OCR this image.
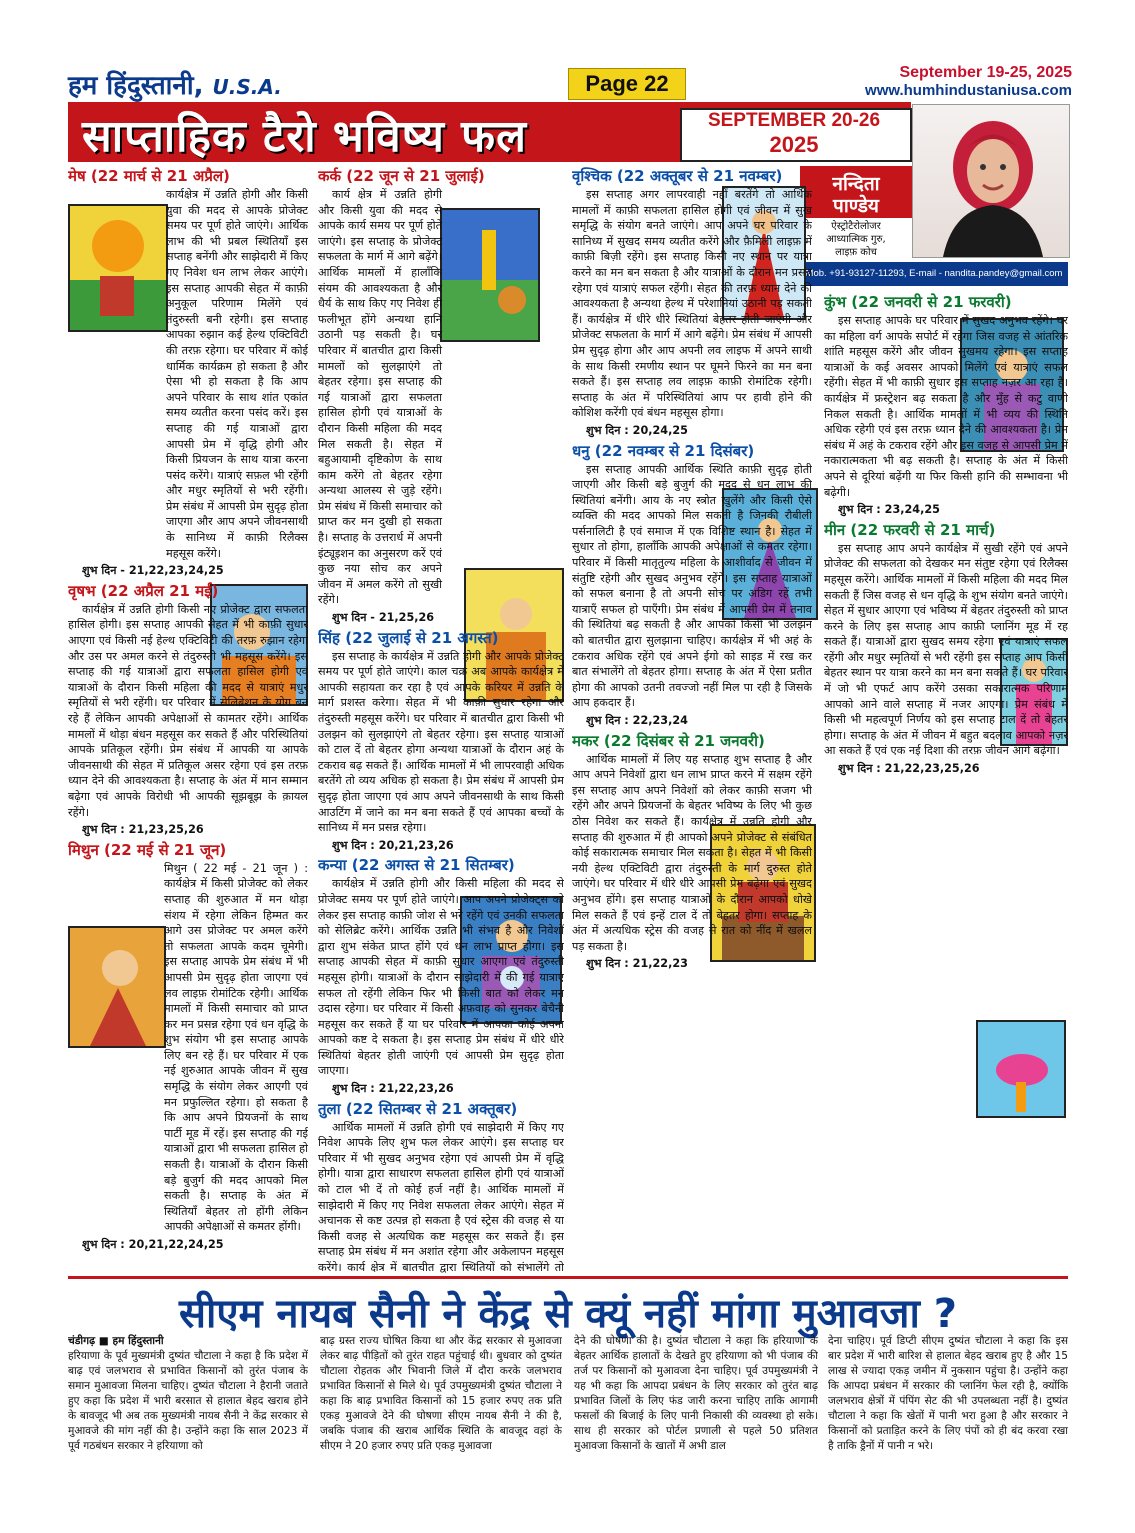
हम हिंदुस्तानी, U.S.A.	Page 22	September 19-25, 2025
www.humhindustaniusa.com
साप्ताहिक टैरो भविष्य फल	SEPTEMBER 20-26
2025
नन्दिता
पाण्डेय
ऐस्ट्रोटैरोलोजर
आध्यात्मिक गुरु,
लाइफ़ कोच
Mob. +91-93127-11293, E-mail - nandita.pandey@gmail.com
मेष (22 मार्च से 21 अप्रैल)

कार्यक्षेत्र में उन्नति होगी और किसी युवा की मदद से आपके प्रोजेक्ट समय पर पूर्ण होते जाएंगे। आर्थिक लाभ की भी प्रबल स्थितियाँ इस सप्ताह बनेंगी और साझेदारी में किए गए निवेश धन लाभ लेकर आएंगे। इस सप्ताह आपकी सेहत में काफ़ी अनुकूल परिणाम मिलेंगे एवं तंदुरुस्ती बनी रहेगी। इस सप्ताह आपका रुझान कई हेल्थ एक्टिविटी की तरफ़ रहेगा। घर परिवार में कोई धार्मिक कार्यक्रम हो सकता है और ऐसा भी हो सकता है कि आप अपने परिवार के साथ शांत एकांत समय व्यतीत करना पसंद करें। इस सप्ताह की गई यात्राओं द्वारा आपसी प्रेम में वृद्धि होगी और किसी प्रियजन के साथ यात्रा करना पसंद करेंगे। यात्राएं सफ़ल भी रहेंगी और मधुर स्मृतियों से भरी रहेंगी। प्रेम संबंध में आपसी प्रेम सुदृढ़ होता जाएगा और आप अपने जीवनसाथी के सानिध्य में काफ़ी रिलैक्स महसूस करेंगे।

शुभ दिन - 21,22,23,24,25

वृषभ (22 अप्रैल 21 मई)

कार्यक्षेत्र में उन्नति होगी किसी नए प्रोजेक्ट द्वारा सफलता हासिल होगी। इस सप्ताह आपकी सेहत में भी काफ़ी सुधार आएगा एवं किसी नई हेल्थ एक्टिविटी की तरफ़ रुझान रहेगा और उस पर अमल करने से तंदुरुस्ती भी महसूस करेंगे। इस सप्ताह की गई यात्राओं द्वारा सफलता हासिल होगी एवं यात्राओं के दौरान किसी महिला की मदद से यात्राएं मधुर स्मृतियों से भरी रहेंगी। घर परिवार में सेलिब्रेशन के योग बन रहे हैं लेकिन आपकी अपेक्षाओं से कामतर रहेंगे। आर्थिक मामलों में थोड़ा बंधन महसूस कर सकते हैं और परिस्थितियां आपके प्रतिकूल रहेंगी। प्रेम संबंध में आपकी या आपके जीवनसाथी की सेहत में प्रतिकूल असर रहेगा एवं इस तरफ़ ध्यान देने की आवश्यकता है। सप्ताह के अंत में मान सम्मान बढ़ेगा एवं आपके विरोधी भी आपकी सूझबूझ के क़ायल रहेंगे।

शुभ दिन : 21,23,25,26

मिथुन (22 मई से 21 जून)

मिथुन ( 22 मई - 21 जून ) : कार्यक्षेत्र में किसी प्रोजेक्ट को लेकर सप्ताह की शुरुआत में मन थोड़ा संशय में रहेगा लेकिन हिम्मत कर आगे उस प्रोजेक्ट पर अमल करेंगे तो सफलता आपके कदम चूमेगी। इस सप्ताह आपके प्रेम संबंध में भी आपसी प्रेम सुदृढ़ होता जाएगा एवं लव लाइफ़ रोमांटिक रहेगी। आर्थिक मामलों में किसी समाचार को प्राप्त कर मन प्रसन्न रहेगा एवं धन वृद्धि के शुभ संयोग भी इस सप्ताह आपके लिए बन रहे हैं। घर परिवार में एक नई शुरुआत आपके जीवन में सुख समृद्धि के संयोग लेकर आएगी एवं मन प्रफुल्लित रहेगा। हो सकता है कि आप अपने प्रियजनों के साथ पार्टी मूड में रहें। इस सप्ताह की गई यात्राओं द्वारा भी सफलता हासिल हो सकती है। यात्राओं के दौरान किसी बड़े बुजुर्ग की मदद आपको मिल सकती है। सप्ताह के अंत में स्थितियाँ बेहतर तो होंगी लेकिन आपकी अपेक्षाओं से कमतर होंगी।

शुभ दिन : 20,21,22,24,25

कर्क (22 जून से 21 जुलाई)

कार्य क्षेत्र में उन्नति होगी और किसी युवा की मदद से आपके कार्य समय पर पूर्ण होते जाएंगे। इस सप्ताह के प्रोजेक्ट सफलता के मार्ग में आगे बढ़ेंगे। आर्थिक मामलों में हालाँकि संयम की आवश्यकता है और धैर्य के साथ किए गए निवेश ही फलीभूत होंगे अन्यथा हानि उठानी पड़ सकती है। घर परिवार में बातचीत द्वारा किसी मामलों को सुलझाएंगे तो बेहतर रहेगा। इस सप्ताह की गई यात्राओं द्वारा सफलता हासिल होगी एवं यात्राओं के दौरान किसी महिला की मदद मिल सकती है। सेहत में बहुआयामी दृष्टिकोण के साथ काम करेंगे तो बेहतर रहेगा अन्यथा आलस्य से जुड़े रहेंगे। प्रेम संबंध में किसी समाचार को प्राप्त कर मन दुखी हो सकता है। सप्ताह के उत्तरार्ध में अपनी इंट्यूइशन का अनुसरण करें एवं कुछ नया सोच कर अपने जीवन में अमल करेंगे तो सुखी रहेंगे।

शुभ दिन - 21,25,26

सिंह (22 जुलाई से 21 अगस्त)

इस सप्ताह के कार्यक्षेत्र में उन्नति होगी और आपके प्रोजेक्ट समय पर पूर्ण होते जाएंगे। काल चक्र अब आपके कार्यक्षेत्र में आपकी सहायता कर रहा है एवं आपके करियर में उन्नति के मार्ग प्रशस्त करेगा। सेहत में भी काफ़ी सुधार रहेगा और तंदुरुस्ती महसूस करेंगे। घर परिवार में बातचीत द्वारा किसी भी उलझन को सुलझाएंगे तो बेहतर रहेगा। इस सप्ताह यात्राओं को टाल दें तो बेहतर होगा अन्यथा यात्राओं के दौरान अहं के टकराव बढ़ सकते हैं। आर्थिक मामलों में भी लापरवाही अधिक बरतेंगे तो व्यय अधिक हो सकता है। प्रेम संबंध में आपसी प्रेम सुदृढ़ होता जाएगा एवं आप अपने जीवनसाथी के साथ किसी आउटिंग में जाने का मन बना सकते हैं एवं आपका बच्चों के सानिध्य में मन प्रसन्न रहेगा।

शुभ दिन : 20,21,23,26

कन्या (22 अगस्त से 21 सितम्बर)

कार्यक्षेत्र में उन्नति होगी और किसी महिला की मदद से प्रोजेक्ट समय पर पूर्ण होते जाएंगे। आप अपने प्रोजेक्ट्स को लेकर इस सप्ताह काफ़ी जोश से भरे रहेंगे एवं उनकी सफलता को सेलिब्रेट करेंगे। आर्थिक उन्नति भी संभव है और निवेशों द्वारा शुभ संकेत प्राप्त होंगे एवं धन लाभ प्राप्त होगा। इस सप्ताह आपकी सेहत में काफ़ी सुधार आएगा एवं तंदुरुस्ती महसूस होगी। यात्राओं के दौरान साझेदारी में की गई यात्राएं सफल तो रहेंगी लेकिन फिर भी किसी बात को लेकर मन उदास रहेगा। घर परिवार में किसी अफ़वाह को सुनकर बेचैनी महसूस कर सकते हैं या घर परिवार में आपका कोई अपना आपको कष्ट दे सकता है। इस सप्ताह प्रेम संबंध में धीरे धीरे स्थितियां बेहतर होती जाएंगी एवं आपसी प्रेम सुदृढ़ होता जाएगा।

शुभ दिन : 21,22,23,26

तुला (22 सितम्बर से 21 अक्तूबर)

आर्थिक मामलों में उन्नति होगी एवं साझेदारी में किए गए निवेश आपके लिए शुभ फल लेकर आएंगे। इस सप्ताह घर परिवार में भी सुखद अनुभव रहेगा एवं आपसी प्रेम में वृद्धि होगी। यात्रा द्वारा साधारण सफलता हासिल होगी एवं यात्राओं को टाल भी दें तो कोई हर्ज नहीं है। आर्थिक मामलों में साझेदारी में किए गए निवेश सफलता लेकर आएंगे। सेहत में अचानक से कष्ट उत्पन्न हो सकता है एवं स्ट्रेस की वजह से या किसी वजह से अत्यधिक कष्ट महसूस कर सकते हैं। इस सप्ताह प्रेम संबंध में मन अशांत रहेगा और अकेलापन महसूस करेंगे। कार्य क्षेत्र में बातचीत द्वारा स्थितियों को संभालेंगे तो

वृश्चिक (22 अक्तूबर से 21 नवम्बर)

इस सप्ताह अगर लापरवाही नहीं बरतेंगे तो आर्थिक मामलों में काफ़ी सफलता हासिल होगी एवं जीवन में सुख समृद्धि के संयोग बनते जाएंगे। आप अपने घर परिवार के सानिध्य में सुखद समय व्यतीत करेंगे और फ़ैमिली लाइफ़ में काफ़ी बिज़ी रहेंगे। इस सप्ताह किसी नए स्थान पर यात्रा करने का मन बन सकता है और यात्राओं के दौरान मन प्रसन्न रहेगा एवं यात्राएं सफल रहेंगी। सेहत की तरफ़ ध्यान देने की आवश्यकता है अन्यथा हेल्थ में परेशानियां उठानी पड़ सकती हैं। कार्यक्षेत्र में धीरे धीरे स्थितियां बेहतर होती जाएंगी और प्रोजेक्ट सफलता के मार्ग में आगे बढ़ेंगे। प्रेम संबंध में आपसी प्रेम सुदृढ़ होगा और आप अपनी लव लाइफ में अपने साथी के साथ किसी रमणीय स्थान पर घूमने फिरने का मन बना सकते हैं। इस सप्ताह लव लाइफ़ काफ़ी रोमांटिक रहेगी। सप्ताह के अंत में परिस्थितियां आप पर हावी होने की कोशिश करेंगी एवं बंधन महसूस होगा।

शुभ दिन : 20,24,25

धनु (22 नवम्बर से 21 दिसंबर)

इस सप्ताह आपकी आर्थिक स्थिति काफ़ी सुदृढ़ होती जाएगी और किसी बड़े बुजुर्ग की मदद से धन लाभ की स्थितियां बनेंगी। आय के नए स्त्रोत खुलेंगे और किसी ऐसे व्यक्ति की मदद आपको मिल सकती है जिनकी रौबीली पर्सनालिटी है एवं समाज में एक विशिष्ट स्थान है। सेहत में सुधार तो होगा, हालाँकि आपकी अपेक्षाओं से कमतर रहेगा। परिवार में किसी मातृतुल्य महिला के आशीर्वाद से जीवन में संतुष्टि रहेगी और सुखद अनुभव रहेंगे। इस सप्ताह यात्राओं को सफल बनाना है तो अपनी सोच पर अडिग रहें तभी यात्राएँ सफल हो पाएँगी। प्रेम संबंध में आपसी प्रेम में तनाव की स्थितियां बढ़ सकती है और आपको किसी भी उलझन को बातचीत द्वारा सुलझाना चाहिए। कार्यक्षेत्र में भी अहं के टकराव अधिक रहेंगे एवं अपने ईगो को साइड में रख कर बात संभालेंगे तो बेहतर होगा। सप्ताह के अंत में ऐसा प्रतीत होगा की आपको उतनी तवज्जो नहीं मिल पा रही है जिसके आप हकदार हैं।

शुभ दिन : 22,23,24

मकर (22 दिसंबर से 21 जनवरी)

आर्थिक मामलों में लिए यह सप्ताह शुभ सप्ताह है और आप अपने निवेशों द्वारा धन लाभ प्राप्त करने में सक्षम रहेंगे इस सप्ताह आप अपने निवेशों को लेकर काफ़ी सजग भी रहेंगे और अपने प्रियजनों के बेहतर भविष्य के लिए भी कुछ ठोस निवेश कर सकते हैं। कार्यक्षेत्र में उन्नति होगी और सप्ताह की शुरुआत में ही आपको अपने प्रोजेक्ट से संबंधित कोई सकारात्मक समाचार मिल सकता है। सेहत में भी किसी नयी हेल्थ एक्टिविटी द्वारा तंदुरुस्ती के मार्ग दुरुस्त होते जाएंगे। घर परिवार में धीरे धीरे आपसी प्रेम बढ़ेगा एवं सुखद अनुभव होंगे। इस सप्ताह यात्राओं के दौरान आपको धोखे मिल सकते हैं एवं इन्हें टाल दें तो बेहतर होगा। सप्ताह के अंत में अत्यधिक स्ट्रेस की वजह से रात को नींद में खलल पड़ सकता है।

शुभ दिन : 21,22,23

कुंभ (22 जनवरी से 21 फरवरी)

इस सप्ताह आपके घर परिवार में सुखद अनुभव रहेंगे। घर का महिला वर्ग आपके सपोर्ट में रहेगा जिस वजह से आंतरिक शांति महसूस करेंगे और जीवन सुखमय रहेगा। इस सप्ताह यात्राओं के कई अवसर आपको मिलेंगे एवं यात्राएं सफल रहेंगी। सेहत में भी काफ़ी सुधार इस सप्ताह नज़र आ रहा है। कार्यक्षेत्र में फ्रस्ट्रेशन बढ़ सकता है और मुँह से कटु वाणी निकल सकती है। आर्थिक मामलों में भी व्यय की स्थिति अधिक रहेगी एवं इस तरफ़ ध्यान देने की आवश्यकता है। प्रेम संबंध में अहं के टकराव रहेंगे और इस वजह से आपसी प्रेम में नकारात्मकता भी बढ़ सकती है। सप्ताह के अंत में किसी अपने से दूरियां बढ़ेंगी या फिर किसी हानि की सम्भावना भी बढ़ेगी।

शुभ दिन : 23,24,25

मीन (22 फरवरी से 21 मार्च)

इस सप्ताह आप अपने कार्यक्षेत्र में सुखी रहेंगे एवं अपने प्रोजेक्ट की सफलता को देखकर मन संतुष्ट रहेगा एवं रिलैक्स महसूस करेंगे। आर्थिक मामलों में किसी महिला की मदद मिल सकती हैं जिस वजह से धन वृद्धि के शुभ संयोग बनते जाएंगे। सेहत में सुधार आएगा एवं भविष्य में बेहतर तंदुरुस्ती को प्राप्त करने के लिए इस सप्ताह आप काफ़ी प्लानिंग मूड में रह सकते हैं। यात्राओं द्वारा सुखद समय रहेगा एवं यात्राएं सफल रहेंगी और मधुर स्मृतियों से भरी रहेंगी इस सप्ताह आप किसी बेहतर स्थान पर यात्रा करने का मन बना सकते हैं। घर परिवार में जो भी एफर्ट आप करेंगे उसका सकारात्मक परिणाम आपको आने वाले सप्ताह में नजर आएगा। प्रेम संबंध में किसी भी महत्वपूर्ण निर्णय को इस सप्ताह टाल दें तो बेहतर होगा। सप्ताह के अंत में जीवन में बहुत बदलाव आपको नज़र आ सकते हैं एवं एक नई दिशा की तरफ़ जीवन आगे बढ़ेगा।

शुभ दिन : 21,22,23,25,26

सीएम नायब सैनी ने केंद्र से क्यूं नहीं मांगा मुआवजा ?
चंडीगढ़ ■ हम हिंदुस्तानी
हरियाणा के पूर्व मुख्यमंत्री दुष्यंत चौटाला ने कहा है कि प्रदेश में बाढ़ एवं जलभराव से प्रभावित किसानों को तुरंत पंजाब के समान मुआवजा मिलना चाहिए। दुष्यंत चौटाला ने हैरानी जताते हुए कहा कि प्रदेश में भारी बरसात से हालात बेहद खराब होने के बावजूद भी अब तक मुख्यमंत्री नायब सैनी ने केंद्र सरकार से मुआवजे की मांग नहीं की है। उन्होंने कहा कि साल 2023 में पूर्व गठबंधन सरकार ने हरियाणा को
बाढ़ ग्रस्त राज्य घोषित किया था और केंद्र सरकार से मुआवजा लेकर बाढ़ पीड़ितों को तुरंत राहत पहुंचाई थी। बुधवार को दुष्यंत चौटाला रोहतक और भिवानी जिले में दौरा करके जलभराव प्रभावित किसानों से मिले थे। पूर्व उपमुख्यमंत्री दुष्यंत चौटाला ने कहा कि बाढ़ प्रभावित किसानों को 15 हजार रुपए तक प्रति एकड़ मुआवजे देने की घोषणा सीएम नायब सैनी ने की है, जबकि पंजाब की खराब आर्थिक स्थिति के बावजूद वहां के सीएम ने 20 हजार रुपए प्रति एकड़ मुआवजा
देने की घोषणा की है। दुष्यंत चौटाला ने कहा कि हरियाणा के बेहतर आर्थिक हालातों के देखते हुए हरियाणा को भी पंजाब की तर्ज पर किसानों को मुआवजा देना चाहिए। पूर्व उपमुख्यमंत्री ने यह भी कहा कि आपदा प्रबंधन के लिए सरकार को तुरंत बाढ़ प्रभावित जिलों के लिए फंड जारी करना चाहिए ताकि आगामी फसलों की बिजाई के लिए पानी निकासी की व्यवस्था हो सके। साथ ही सरकार को पोर्टल प्रणाली से पहले 50 प्रतिशत मुआवजा किसानों के खातों में अभी डाल
देना चाहिए। पूर्व डिप्टी सीएम दुष्यंत चौटाला ने कहा कि इस बार प्रदेश में भारी बारिश से हालात बेहद खराब हुए है और 15 लाख से ज्यादा एकड़ जमीन में नुकसान पहुंचा है। उन्होंने कहा कि आपदा प्रबंधन में सरकार की प्लानिंग फेल रही है, क्योंकि जलभराव क्षेत्रों में पंपिंग सेट की भी उपलब्धता नहीं है। दुष्यंत चौटाला ने कहा कि खेतों में पानी भरा हुआ है और सरकार ने किसानों को प्रताड़ित करने के लिए पंपों को ही बंद करवा रखा है ताकि ड्रैनों में पानी न भरे।
